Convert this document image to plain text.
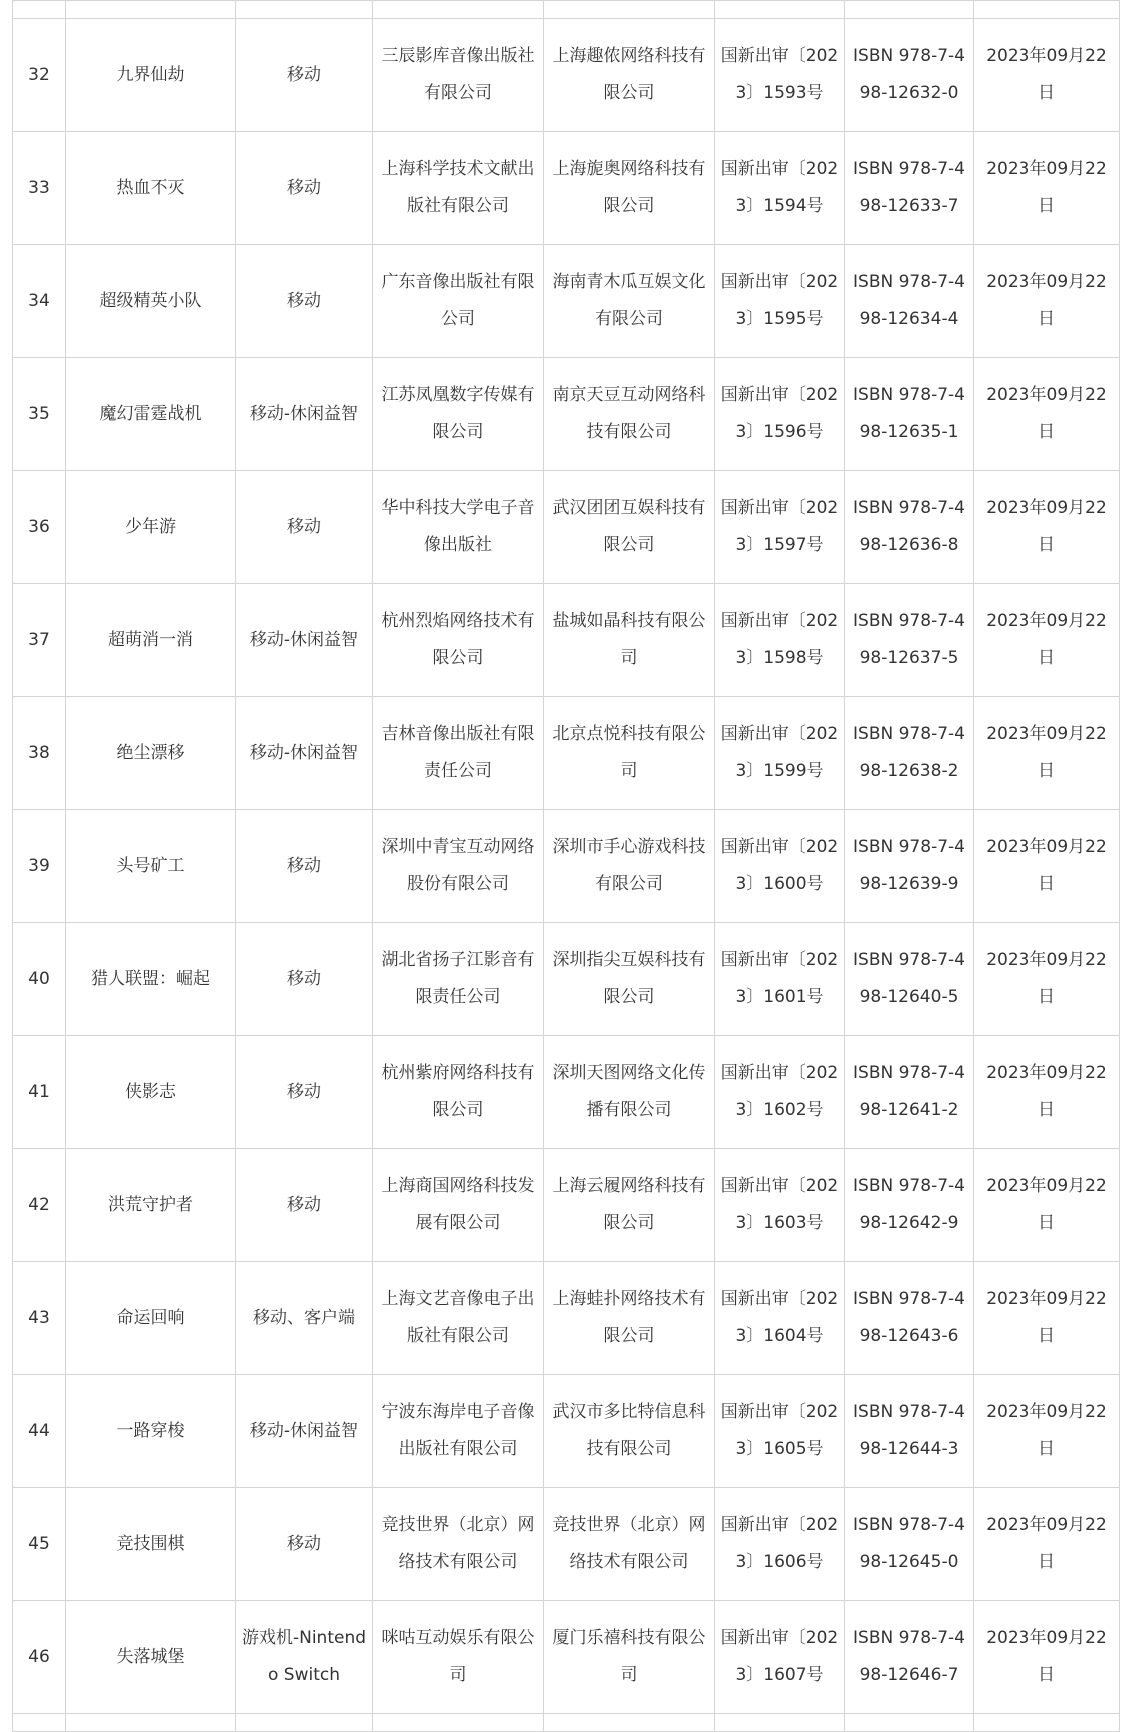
32	九界仙劫	移动	三辰影库音像出版社有限公司	上海趣侬网络科技有限公司	国新出审〔2023〕1593号	ISBN 978-7-498-12632-0	2023年09月22日
33	热血不灭	移动	上海科学技术文献出版社有限公司	上海旎奥网络科技有限公司	国新出审〔2023〕1594号	ISBN 978-7-498-12633-7	2023年09月22日
34	超级精英小队	移动	广东音像出版社有限公司	海南青木瓜互娱文化有限公司	国新出审〔2023〕1595号	ISBN 978-7-498-12634-4	2023年09月22日
35	魔幻雷霆战机	移动-休闲益智	江苏凤凰数字传媒有限公司	南京天豆互动网络科技有限公司	国新出审〔2023〕1596号	ISBN 978-7-498-12635-1	2023年09月22日
36	少年游	移动	华中科技大学电子音像出版社	武汉团团互娱科技有限公司	国新出审〔2023〕1597号	ISBN 978-7-498-12636-8	2023年09月22日
37	超萌消一消	移动-休闲益智	杭州烈焰网络技术有限公司	盐城如晶科技有限公司	国新出审〔2023〕1598号	ISBN 978-7-498-12637-5	2023年09月22日
38	绝尘漂移	移动-休闲益智	吉林音像出版社有限责任公司	北京点悦科技有限公司	国新出审〔2023〕1599号	ISBN 978-7-498-12638-2	2023年09月22日
39	头号矿工	移动	深圳中青宝互动网络股份有限公司	深圳市手心游戏科技有限公司	国新出审〔2023〕1600号	ISBN 978-7-498-12639-9	2023年09月22日
40	猎人联盟：崛起	移动	湖北省扬子江影音有限责任公司	深圳指尖互娱科技有限公司	国新出审〔2023〕1601号	ISBN 978-7-498-12640-5	2023年09月22日
41	侠影志	移动	杭州紫府网络科技有限公司	深圳天图网络文化传播有限公司	国新出审〔2023〕1602号	ISBN 978-7-498-12641-2	2023年09月22日
42	洪荒守护者	移动	上海商国网络科技发展有限公司	上海云履网络科技有限公司	国新出审〔2023〕1603号	ISBN 978-7-498-12642-9	2023年09月22日
43	命运回响	移动、客户端	上海文艺音像电子出版社有限公司	上海蛙扑网络技术有限公司	国新出审〔2023〕1604号	ISBN 978-7-498-12643-6	2023年09月22日
44	一路穿梭	移动-休闲益智	宁波东海岸电子音像出版社有限公司	武汉市多比特信息科技有限公司	国新出审〔2023〕1605号	ISBN 978-7-498-12644-3	2023年09月22日
45	竞技围棋	移动	竞技世界（北京）网络技术有限公司	竞技世界（北京）网络技术有限公司	国新出审〔2023〕1606号	ISBN 978-7-498-12645-0	2023年09月22日
46	失落城堡	游戏机-Nintendo Switch	咪咕互动娱乐有限公司	厦门乐禧科技有限公司	国新出审〔2023〕1607号	ISBN 978-7-498-12646-7	2023年09月22日
